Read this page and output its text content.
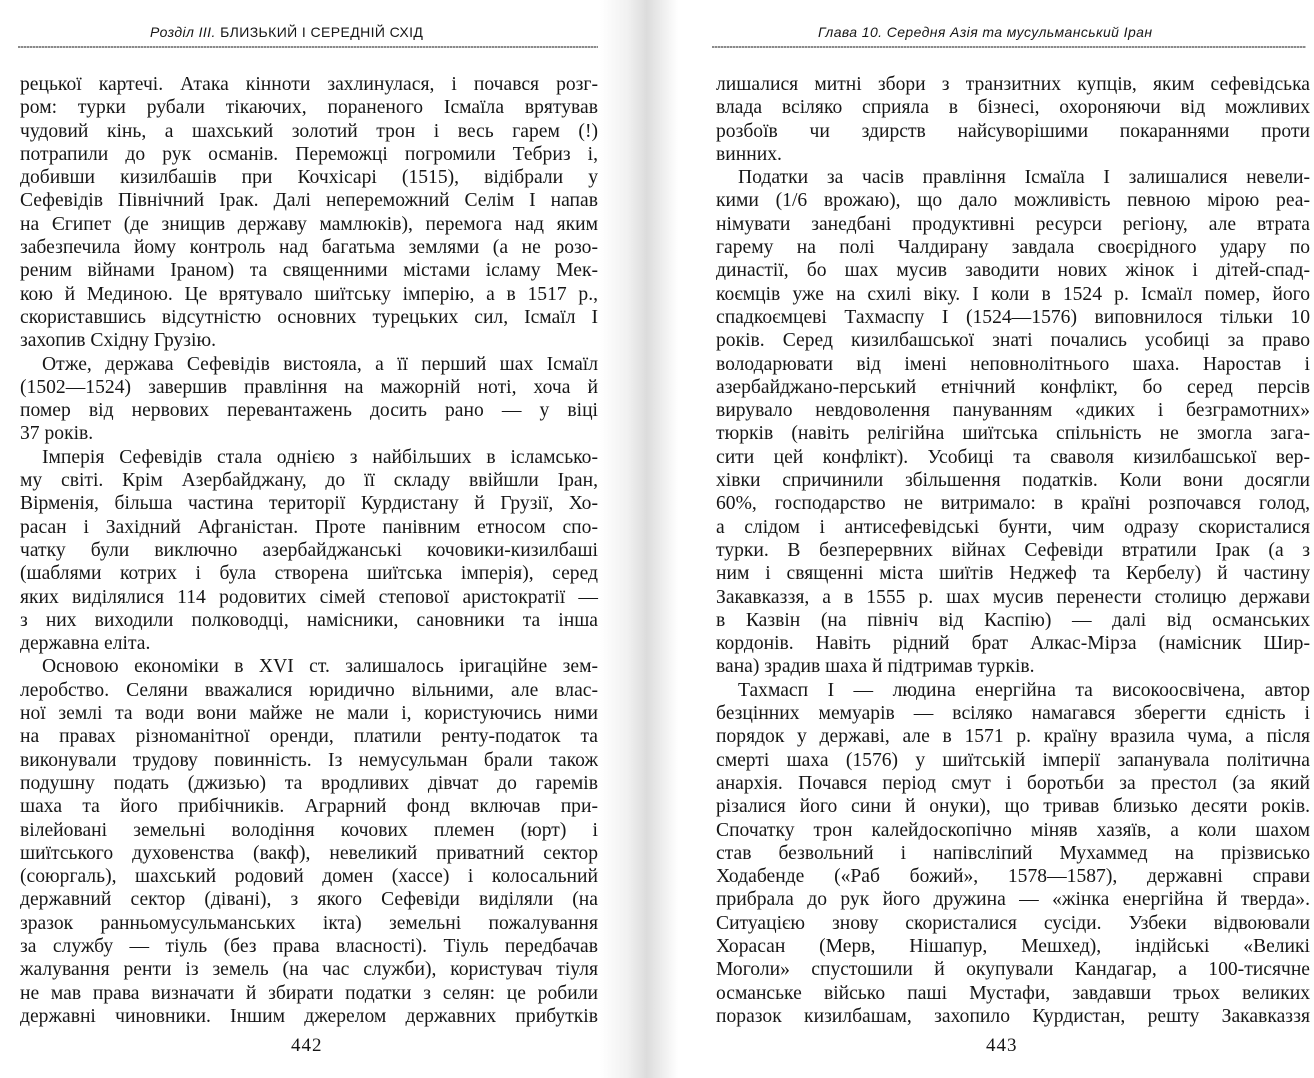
Розділ III. БЛИЗЬКИЙ І СЕРЕДНІЙ СХІД
рецької картечі. Атака кінноти захлинулася, і почався розг-
ром: турки рубали тікаючих, пораненого Ісмаїла врятував
чудовий кінь, а шахський золотий трон і весь гарем (!)
потрапили до рук османів. Переможці погромили Тебриз і,
добивши кизилбашів при Кочхісарі (1515), відібрали у
Сефевідів Північний Ірак. Далі непереможний Селім І напав
на Єгипет (де знищив державу мамлюків), перемога над яким
забезпечила йому контроль над багатьма землями (а не розо-
реним війнами Іраном) та священними містами ісламу Мек-
кою й Мединою. Це врятувало шиїтську імперію, а в 1517 р.,
скориставшись відсутністю основних турецьких сил, Ісмаїл І
захопив Східну Грузію.
Отже, держава Сефевідів вистояла, а її перший шах Ісмаїл
(1502—1524) завершив правління на мажорній ноті, хоча й
помер від нервових перевантажень досить рано — у віці
37 років.
Імперія Сефевідів стала однією з найбільших в ісламсько-
му світі. Крім Азербайджану, до її складу ввійшли Іран,
Вірменія, більша частина території Курдистану й Грузії, Хо-
расан і Західний Афганістан. Проте панівним етносом спо-
чатку були виключно азербайджанські кочовики-кизилбаші
(шаблями котрих і була створена шиїтська імперія), серед
яких виділялися 114 родовитих сімей степової аристократії —
з них виходили полководці, намісники, сановники та інша
державна еліта.
Основою економіки в XVI ст. залишалось іригаційне зем-
леробство. Селяни вважалися юридично вільними, але влас-
ної землі та води вони майже не мали і, користуючись ними
на правах різноманітної оренди, платили ренту-податок та
виконували трудову повинність. Із немусульман брали також
подушну подать (джизью) та вродливих дівчат до гаремів
шаха та його прибічників. Аграрний фонд включав при-
вілейовані земельні володіння кочових племен (юрт) і
шиїтського духовенства (вакф), невеликий приватний сектор
(союргаль), шахський родовий домен (хассе) і колосальний
державний сектор (дівані), з якого Сефевіди виділяли (на
зразок ранньомусульманських ікта) земельні пожалування
за службу — тіуль (без права власності). Тіуль передбачав
жалування ренти із земель (на час служби), користувач тіуля
не мав права визначати й збирати податки з селян: це робили
державні чиновники. Іншим джерелом державних прибутків
442
Глава 10. Середня Азія та мусульманський Іран
лишалися митні збори з транзитних купців, яким сефевідська
влада всіляко сприяла в бізнесі, охороняючи від можливих
розбоїв чи здирств найсуворішими покараннями проти
винних.
Податки за часів правління Ісмаїла І залишалися невели-
кими (1/6 врожаю), що дало можливість певною мірою реа-
німувати занедбані продуктивні ресурси регіону, але втрата
гарему на полі Чалдирану завдала своєрідного удару по
династії, бо шах мусив заводити нових жінок і дітей-спад-
коємців уже на схилі віку. І коли в 1524 р. Ісмаїл помер, його
спадкоємцеві Тахмаспу І (1524—1576) виповнилося тільки 10
років. Серед кизилбашської знаті почались усобиці за право
володарювати від імені неповнолітнього шаха. Наростав і
азербайджано-перський етнічний конфлікт, бо серед персів
вирувало невдоволення пануванням «диких і безграмотних»
тюрків (навіть релігійна шиїтська спільність не змогла зага-
сити цей конфлікт). Усобиці та сваволя кизилбашської вер-
хівки спричинили збільшення податків. Коли вони досягли
60%, господарство не витримало: в країні розпочався голод,
а слідом і антисефевідські бунти, чим одразу скористалися
турки. В безперервних війнах Сефевіди втратили Ірак (а з
ним і священні міста шиїтів Неджеф та Кербелу) й частину
Закавказзя, а в 1555 р. шах мусив перенести столицю держави
в Казвін (на північ від Каспію) — далі від османських
кордонів. Навіть рідний брат Алкас-Мірза (намісник Шир-
вана) зрадив шаха й підтримав турків.
Тахмасп І — людина енергійна та високоосвічена, автор
безцінних мемуарів — всіляко намагався зберегти єдність і
порядок у державі, але в 1571 р. країну вразила чума, а після
смерті шаха (1576) у шиїтській імперії запанувала політична
анархія. Почався період смут і боротьби за престол (за який
різалися його сини й онуки), що тривав близько десяти років.
Спочатку трон калейдоскопічно міняв хазяїв, а коли шахом
став безвольний і напівсліпий Мухаммед на прізвисько
Ходабенде («Раб божий», 1578—1587), державні справи
прибрала до рук його дружина — «жінка енергійна й тверда».
Ситуацією знову скористалися сусіди. Узбеки відвоювали
Хорасан (Мерв, Нішапур, Мешхед), індійські «Великі
Моголи» спустошили й окупували Кандагар, а 100-тисячне
османське військо паші Мустафи, завдавши трьох великих
поразок кизилбашам, захопило Курдистан, решту Закавказзя
443
